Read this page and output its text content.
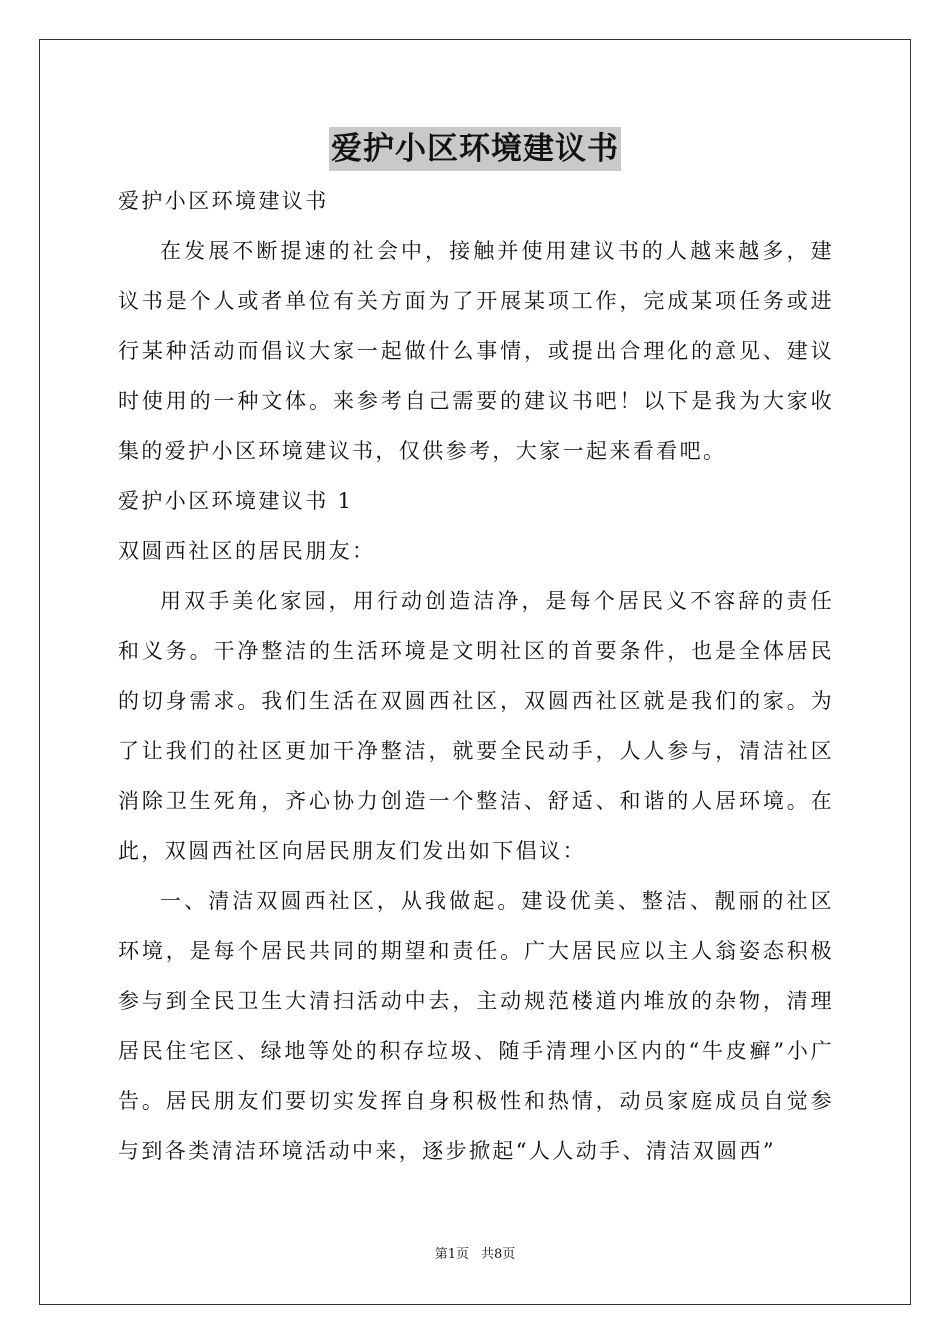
爱护小区环境建议书

爱护小区环境建议书

在发展不断提速的社会中，接触并使用建议书的人越来越多，建议书是个人或者单位有关方面为了开展某项工作，完成某项任务或进行某种活动而倡议大家一起做什么事情，或提出合理化的意见、建议时使用的一种文体。来参考自己需要的建议书吧！以下是我为大家收集的爱护小区环境建议书，仅供参考，大家一起来看看吧。

爱护小区环境建议书 1

双圆西社区的居民朋友：

用双手美化家园，用行动创造洁净，是每个居民义不容辞的责任和义务。干净整洁的生活环境是文明社区的首要条件，也是全体居民的切身需求。我们生活在双圆西社区，双圆西社区就是我们的家。为了让我们的社区更加干净整洁，就要全民动手，人人参与，清洁社区消除卫生死角，齐心协力创造一个整洁、舒适、和谐的人居环境。在此，双圆西社区向居民朋友们发出如下倡议：

一、清洁双圆西社区，从我做起。建设优美、整洁、靓丽的社区环境，是每个居民共同的期望和责任。广大居民应以主人翁姿态积极参与到全民卫生大清扫活动中去，主动规范楼道内堆放的杂物，清理居民住宅区、绿地等处的积存垃圾、随手清理小区内的“牛皮癣”小广告。居民朋友们要切实发挥自身积极性和热情，动员家庭成员自觉参与到各类清洁环境活动中来，逐步掀起“人人动手、清洁双圆西”

第1页 共8页
